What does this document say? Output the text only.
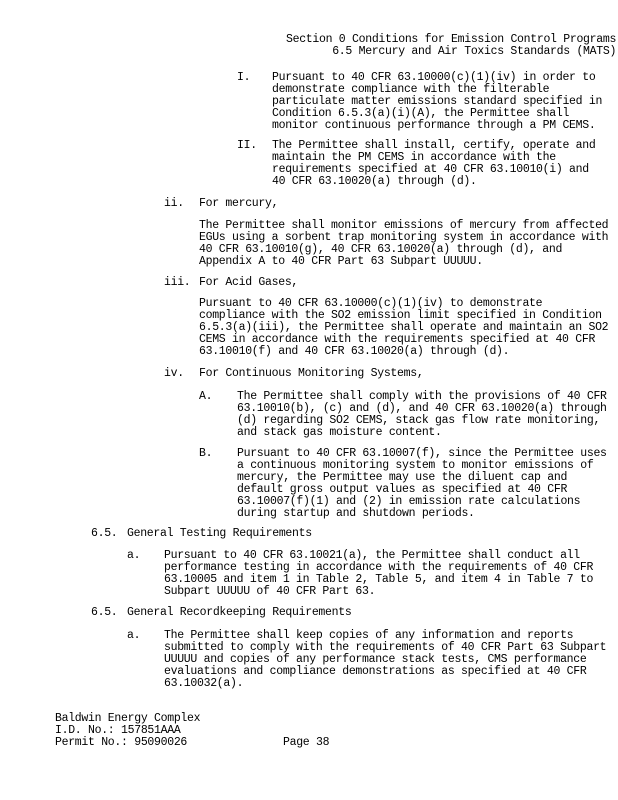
Section 0 Conditions for Emission Control Programs
6.5 Mercury and Air Toxics Standards (MATS)
I. Pursuant to 40 CFR 63.10000(c)(1)(iv) in order to
demonstrate compliance with the filterable
particulate matter emissions standard specified in
Condition 6.5.3(a)(i)(A), the Permittee shall
monitor continuous performance through a PM CEMS.
II. The Permittee shall install, certify, operate and
maintain the PM CEMS in accordance with the
requirements specified at 40 CFR 63.10010(i) and
40 CFR 63.10020(a) through (d).
ii. For mercury,
The Permittee shall monitor emissions of mercury from affected
EGUs using a sorbent trap monitoring system in accordance with
40 CFR 63.10010(g), 40 CFR 63.10020(a) through (d), and
Appendix A to 40 CFR Part 63 Subpart UUUUU.
iii. For Acid Gases,
Pursuant to 40 CFR 63.10000(c)(1)(iv) to demonstrate
compliance with the SO2 emission limit specified in Condition
6.5.3(a)(iii), the Permittee shall operate and maintain an SO2
CEMS in accordance with the requirements specified at 40 CFR
63.10010(f) and 40 CFR 63.10020(a) through (d).
iv. For Continuous Monitoring Systems,
A. The Permittee shall comply with the provisions of 40 CFR
63.10010(b), (c) and (d), and 40 CFR 63.10020(a) through
(d) regarding SO2 CEMS, stack gas flow rate monitoring,
and stack gas moisture content.
B. Pursuant to 40 CFR 63.10007(f), since the Permittee uses
a continuous monitoring system to monitor emissions of
mercury, the Permittee may use the diluent cap and
default gross output values as specified at 40 CFR
63.10007(f)(1) and (2) in emission rate calculations
during startup and shutdown periods.
6.5. General Testing Requirements
a. Pursuant to 40 CFR 63.10021(a), the Permittee shall conduct all
performance testing in accordance with the requirements of 40 CFR
63.10005 and item 1 in Table 2, Table 5, and item 4 in Table 7 to
Subpart UUUUU of 40 CFR Part 63.
6.5. General Recordkeeping Requirements
a. The Permittee shall keep copies of any information and reports
submitted to comply with the requirements of 40 CFR Part 63 Subpart
UUUUU and copies of any performance stack tests, CMS performance
evaluations and compliance demonstrations as specified at 40 CFR
63.10032(a).
Baldwin Energy Complex
I.D. No.: 157851AAA
Permit No.: 95090026	Page 38
